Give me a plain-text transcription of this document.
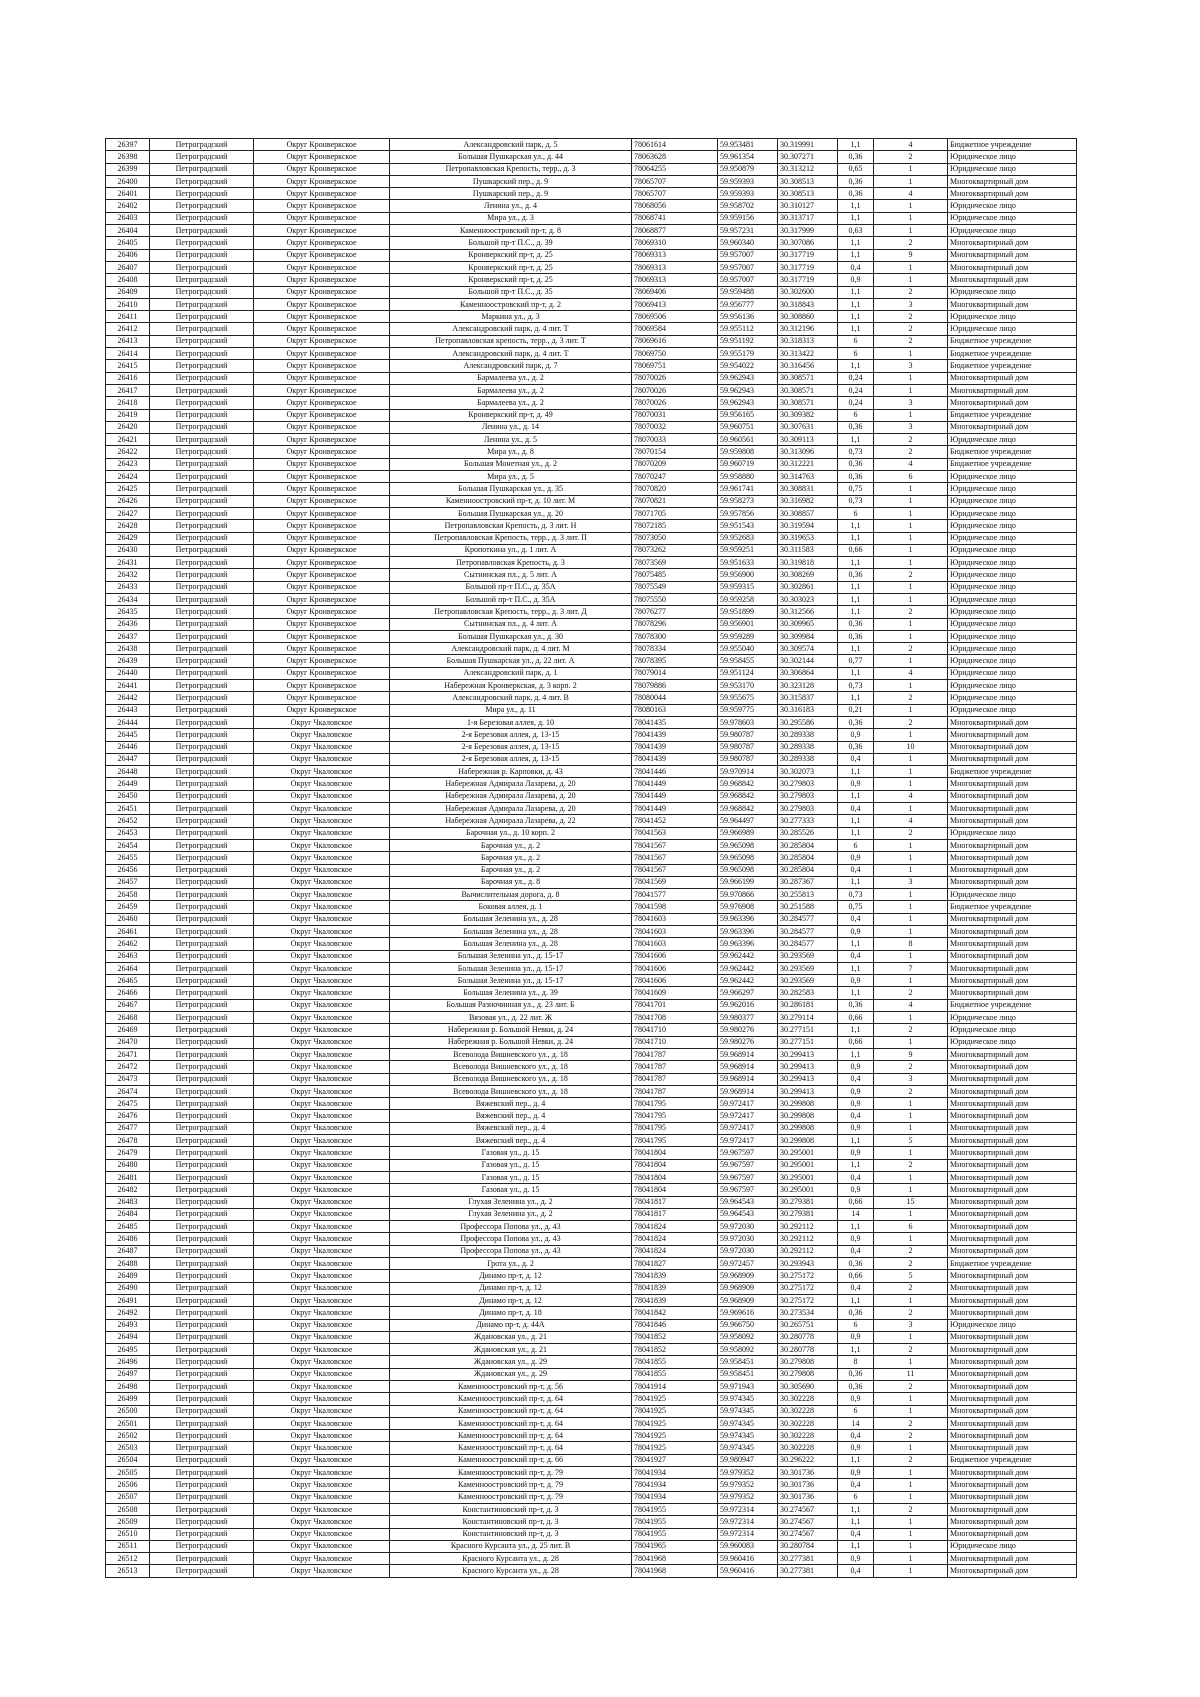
26397	Петроградский	Округ Кронверкское	Александровский парк, д. 5	78061614	59.953481	30.319991	1,1	4	Бюджетное учреждение
26398	Петроградский	Округ Кронверкское	Большая Пушкарская ул., д. 44	78063628	59.961354	30.307271	0,36	2	Юридическое лицо
26399	Петроградский	Округ Кронверкское	Петропавловская Крепость, терр., д. 3	78064255	59.950879	30.313212	0,65	1	Юридическое лицо
26400	Петроградский	Округ Кронверкское	Пушкарский пер., д. 9	78065707	59.959393	30.308513	0,36	1	Многоквартирный дом
26401	Петроградский	Округ Кронверкское	Пушкарский пер., д. 9	78065707	59.959393	30.308513	0,36	4	Многоквартирный дом
26402	Петроградский	Округ Кронверкское	Ленина ул., д. 4	78068056	59.958702	30.310127	1,1	1	Юридическое лицо
26403	Петроградский	Округ Кронверкское	Мира ул., д. 3	78068741	59.959156	30.313717	1,1	1	Юридическое лицо
26404	Петроградский	Округ Кронверкское	Каменноостровский пр-т, д. 8	78068877	59.957231	30.317999	0,63	1	Юридическое лицо
26405	Петроградский	Округ Кронверкское	Большой пр-т П.С., д. 39	78069310	59.960340	30.307086	1,1	2	Многоквартирный дом
26406	Петроградский	Округ Кронверкское	Кронверкский пр-т, д. 25	78069313	59.957007	30.317719	1,1	9	Многоквартирный дом
26407	Петроградский	Округ Кронверкское	Кронверкский пр-т, д. 25	78069313	59.957007	30.317719	0,4	1	Многоквартирный дом
26408	Петроградский	Округ Кронверкское	Кронверкский пр-т, д. 25	78069313	59.957007	30.317719	0,9	1	Многоквартирный дом
26409	Петроградский	Округ Кронверкское	Большой пр-т П.С., д. 35	78069406	59.959488	30.302600	1,1	2	Юридическое лицо
26410	Петроградский	Округ Кронверкское	Каменноостровский пр-т, д. 2	78069413	59.956777	30.318843	1,1	3	Многоквартирный дом
26411	Петроградский	Округ Кронверкское	Маркина ул., д. 3	78069506	59.956136	30.308860	1,1	2	Юридическое лицо
26412	Петроградский	Округ Кронверкское	Александровский парк, д. 4 лит. Т	78069584	59.955112	30.312196	1,1	2	Юридическое лицо
26413	Петроградский	Округ Кронверкское	Петропавловская крепость, терр., д. 3 лит. Т	78069616	59.951192	30.318313	6	2	Бюджетное учреждение
26414	Петроградский	Округ Кронверкское	Александровский парк, д. 4 лит. Т	78069750	59.955179	30.313422	6	1	Бюджетное учреждение
26415	Петроградский	Округ Кронверкское	Александровский парк, д. 7	78069751	59.954022	30.316456	1,1	3	Бюджетное учреждение
26416	Петроградский	Округ Кронверкское	Бармалеева ул., д. 2	78070026	59.962943	30.308571	0,24	1	Многоквартирный дом
26417	Петроградский	Округ Кронверкское	Бармалеева ул., д. 2	78070026	59.962943	30.308571	0,24	1	Многоквартирный дом
26418	Петроградский	Округ Кронверкское	Бармалеева ул., д. 2	78070026	59.962943	30.308571	0,24	3	Многоквартирный дом
26419	Петроградский	Округ Кронверкское	Кронверкский пр-т, д. 49	78070031	59.956165	30.309382	6	1	Бюджетное учреждение
26420	Петроградский	Округ Кронверкское	Ленина ул., д. 14	78070032	59.960751	30.307631	0,36	3	Многоквартирный дом
26421	Петроградский	Округ Кронверкское	Ленина ул., д. 5	78070033	59.960561	30.309113	1,1	2	Юридическое лицо
26422	Петроградский	Округ Кронверкское	Мира ул., д. 8	78070154	59.959808	30.313096	0,73	2	Бюджетное учреждение
26423	Петроградский	Округ Кронверкское	Большая Монетная ул., д. 2	78070209	59.960719	30.312221	0,36	4	Бюджетное учреждение
26424	Петроградский	Округ Кронверкское	Мира ул., д. 5	78070247	59.958880	30.314763	0,36	6	Юридическое лицо
26425	Петроградский	Округ Кронверкское	Большая Пушкарская ул., д. 35	78070820	59.961741	30.308831	0,75	1	Юридическое лицо
26426	Петроградский	Округ Кронверкское	Каменноостровский пр-т, д. 10 лит. М	78070821	59.958273	30.316982	0,73	1	Юридическое лицо
26427	Петроградский	Округ Кронверкское	Большая Пушкарская ул., д. 20	78071705	59.957856	30.308857	6	1	Юридическое лицо
26428	Петроградский	Округ Кронверкское	Петропавловская Крепость, д. 3 лит. Н	78072185	59.951543	30.319594	1,1	1	Юридическое лицо
26429	Петроградский	Округ Кронверкское	Петропавловская Крепость, терр., д. 3 лит. П	78073050	59.952683	30.319653	1,1	1	Юридическое лицо
26430	Петроградский	Округ Кронверкское	Кропоткина ул., д. 1 лит. А	78073262	59.959251	30.311583	0,66	1	Юридическое лицо
26431	Петроградский	Округ Кронверкское	Петропавловская Крепость, д. 3	78073569	59.951633	30.319818	1,1	1	Юридическое лицо
26432	Петроградский	Округ Кронверкское	Сытнинская пл., д. 5 лит. А	78075485	59.956900	30.308269	0,36	2	Юридическое лицо
26433	Петроградский	Округ Кронверкское	Большой пр-т П.С., д. 35А	78075549	59.959315	30.302861	1,1	1	Юридическое лицо
26434	Петроградский	Округ Кронверкское	Большой пр-т П.С., д. 35А	78075550	59.959258	30.303023	1,1	1	Юридическое лицо
26435	Петроградский	Округ Кронверкское	Петропавловская Крепость, терр., д. 3 лит. Д	78076277	59.951899	30.312566	1,1	2	Юридическое лицо
26436	Петроградский	Округ Кронверкское	Сытнинская пл., д. 4 лит. А	78078296	59.956901	30.309965	0,36	1	Юридическое лицо
26437	Петроградский	Округ Кронверкское	Большая Пушкарская ул., д. 30	78078300	59.959289	30.309984	0,36	1	Юридическое лицо
26438	Петроградский	Округ Кронверкское	Александровский парк, д. 4 лит. М	78078334	59.955040	30.309574	1,1	2	Юридическое лицо
26439	Петроградский	Округ Кронверкское	Большая Пушкарская ул., д. 22 лит. А	78078395	59.958455	30.302144	0,77	1	Юридическое лицо
26440	Петроградский	Округ Кронверкское	Александровский парк, д. 1	78079014	59.951124	30.306864	1,1	4	Юридическое лицо
26441	Петроградский	Округ Кронверкское	Набережная Кронверкская, д. 3 корп. 2	78079886	59.953170	30.323128	0,73	1	Юридическое лицо
26442	Петроградский	Округ Кронверкское	Александровский парк, д. 4 лит. В	78080044	59.955675	30.315837	1,1	2	Юридическое лицо
26443	Петроградский	Округ Кронверкское	Мира ул., д. 11	78080163	59.959775	30.316183	0,21	1	Юридическое лицо
26444	Петроградский	Округ Чкаловское	1-я Березовая аллея, д. 10	78041435	59.978603	30.295586	0,36	2	Многоквартирный дом
26445	Петроградский	Округ Чкаловское	2-я Березовая аллея, д. 13-15	78041439	59.980787	30.289338	0,9	1	Многоквартирный дом
26446	Петроградский	Округ Чкаловское	2-я Березовая аллея, д. 13-15	78041439	59.980787	30.289338	0,36	10	Многоквартирный дом
26447	Петроградский	Округ Чкаловское	2-я Березовая аллея, д. 13-15	78041439	59.980787	30.289338	0,4	1	Многоквартирный дом
26448	Петроградский	Округ Чкаловское	Набережная р. Карповки, д. 43	78041446	59.970914	30.302073	1,1	1	Бюджетное учреждение
26449	Петроградский	Округ Чкаловское	Набережная Адмирала Лазарева, д. 20	78041449	59.968842	30.279803	0,9	1	Многоквартирный дом
26450	Петроградский	Округ Чкаловское	Набережная Адмирала Лазарева, д. 20	78041449	59.968842	30.279803	1,1	4	Многоквартирный дом
26451	Петроградский	Округ Чкаловское	Набережная Адмирала Лазарева, д. 20	78041449	59.968842	30.279803	0,4	1	Многоквартирный дом
26452	Петроградский	Округ Чкаловское	Набережная Адмирала Лазарева, д. 22	78041452	59.964497	30.277333	1,1	4	Многоквартирный дом
26453	Петроградский	Округ Чкаловское	Барочная ул., д. 10 корп. 2	78041563	59.966989	30.285526	1,1	2	Юридическое лицо
26454	Петроградский	Округ Чкаловское	Барочная ул., д. 2	78041567	59.965098	30.285804	6	1	Многоквартирный дом
26455	Петроградский	Округ Чкаловское	Барочная ул., д. 2	78041567	59.965098	30.285804	0,9	1	Многоквартирный дом
26456	Петроградский	Округ Чкаловское	Барочная ул., д. 2	78041567	59.965098	30.285804	0,4	1	Многоквартирный дом
26457	Петроградский	Округ Чкаловское	Барочная ул., д. 8	78041569	59.966199	30.287367	1,1	3	Многоквартирный дом
26458	Петроградский	Округ Чкаловское	Вычислительная дорога, д. 8	78041577	59.970866	30.255813	0,73	1	Юридическое лицо
26459	Петроградский	Округ Чкаловское	Боковая аллея, д. 1	78041598	59.976908	30.251588	0,75	1	Бюджетное учреждение
26460	Петроградский	Округ Чкаловское	Большая Зеленина ул., д. 28	78041603	59.963396	30.284577	0,4	1	Многоквартирный дом
26461	Петроградский	Округ Чкаловское	Большая Зеленина ул., д. 28	78041603	59.963396	30.284577	0,9	1	Многоквартирный дом
26462	Петроградский	Округ Чкаловское	Большая Зеленина ул., д. 28	78041603	59.963396	30.284577	1,1	8	Многоквартирный дом
26463	Петроградский	Округ Чкаловское	Большая Зеленина ул., д. 15-17	78041606	59.962442	30.293569	0,4	1	Многоквартирный дом
26464	Петроградский	Округ Чкаловское	Большая Зеленина ул., д. 15-17	78041606	59.962442	30.293569	1,1	7	Многоквартирный дом
26465	Петроградский	Округ Чкаловское	Большая Зеленина ул., д. 15-17	78041606	59.962442	30.293569	0,9	1	Многоквартирный дом
26466	Петроградский	Округ Чкаловское	Большая Зеленина ул., д. 39	78041609	59.966297	30.282583	1,1	2	Многоквартирный дом
26467	Петроградский	Округ Чкаловское	Большая Разночинная ул., д. 23 лит. Б	78041701	59.962016	30.286181	0,36	4	Бюджетное учреждение
26468	Петроградский	Округ Чкаловское	Вязовая ул., д. 22 лит. Ж	78041708	59.980377	30.279114	0,66	1	Юридическое лицо
26469	Петроградский	Округ Чкаловское	Набережная р. Большой Невки, д. 24	78041710	59.980276	30.277151	1,1	2	Юридическое лицо
26470	Петроградский	Округ Чкаловское	Набережная р. Большой Невки, д. 24	78041710	59.980276	30.277151	0,66	1	Юридическое лицо
26471	Петроградский	Округ Чкаловское	Всеволода Вишневского ул., д. 18	78041787	59.968914	30.299413	1,1	9	Многоквартирный дом
26472	Петроградский	Округ Чкаловское	Всеволода Вишневского ул., д. 18	78041787	59.968914	30.299413	0,9	2	Многоквартирный дом
26473	Петроградский	Округ Чкаловское	Всеволода Вишневского ул., д. 18	78041787	59.968914	30.299413	0,4	3	Многоквартирный дом
26474	Петроградский	Округ Чкаловское	Всеволода Вишневского ул., д. 18	78041787	59.968914	30.299413	0,9	2	Многоквартирный дом
26475	Петроградский	Округ Чкаловское	Вяжевский пер., д. 4	78041795	59.972417	30.299808	0,9	1	Многоквартирный дом
26476	Петроградский	Округ Чкаловское	Вяжевский пер., д. 4	78041795	59.972417	30.299808	0,4	1	Многоквартирный дом
26477	Петроградский	Округ Чкаловское	Вяжевский пер., д. 4	78041795	59.972417	30.299808	0,9	1	Многоквартирный дом
26478	Петроградский	Округ Чкаловское	Вяжевский пер., д. 4	78041795	59.972417	30.299808	1,1	5	Многоквартирный дом
26479	Петроградский	Округ Чкаловское	Газовая ул., д. 15	78041804	59.967597	30.295001	0,9	1	Многоквартирный дом
26480	Петроградский	Округ Чкаловское	Газовая ул., д. 15	78041804	59.967597	30.295001	1,1	2	Многоквартирный дом
26481	Петроградский	Округ Чкаловское	Газовая ул., д. 15	78041804	59.967597	30.295001	0,4	1	Многоквартирный дом
26482	Петроградский	Округ Чкаловское	Газовая ул., д. 15	78041804	59.967597	30.295001	0,9	1	Многоквартирный дом
26483	Петроградский	Округ Чкаловское	Глухая Зеленина ул., д. 2	78041817	59.964543	30.279381	0,66	15	Многоквартирный дом
26484	Петроградский	Округ Чкаловское	Глухая Зеленина ул., д. 2	78041817	59.964543	30.279381	14	1	Многоквартирный дом
26485	Петроградский	Округ Чкаловское	Профессора Попова ул., д. 43	78041824	59.972030	30.292112	1,1	6	Многоквартирный дом
26486	Петроградский	Округ Чкаловское	Профессора Попова ул., д. 43	78041824	59.972030	30.292112	0,9	1	Многоквартирный дом
26487	Петроградский	Округ Чкаловское	Профессора Попова ул., д. 43	78041824	59.972030	30.292112	0,4	2	Многоквартирный дом
26488	Петроградский	Округ Чкаловское	Грота ул., д. 2	78041827	59.972457	30.293943	0,36	2	Бюджетное учреждение
26489	Петроградский	Округ Чкаловское	Динамо пр-т, д. 12	78041839	59.968909	30.275172	0,66	5	Многоквартирный дом
26490	Петроградский	Округ Чкаловское	Динамо пр-т, д. 12	78041839	59.968909	30.275172	0,4	2	Многоквартирный дом
26491	Петроградский	Округ Чкаловское	Динамо пр-т, д. 12	78041839	59.968909	30.275172	1,1	1	Многоквартирный дом
26492	Петроградский	Округ Чкаловское	Динамо пр-т, д. 18	78041842	59.969616	30.273534	0,36	2	Многоквартирный дом
26493	Петроградский	Округ Чкаловское	Динамо пр-т, д. 44А	78041846	59.966750	30.265751	6	3	Юридическое лицо
26494	Петроградский	Округ Чкаловское	Ждановская ул., д. 21	78041852	59.958092	30.280778	0,9	1	Многоквартирный дом
26495	Петроградский	Округ Чкаловское	Ждановская ул., д. 21	78041852	59.958092	30.280778	1,1	2	Многоквартирный дом
26496	Петроградский	Округ Чкаловское	Ждановская ул., д. 29	78041855	59.958451	30.279808	8	1	Многоквартирный дом
26497	Петроградский	Округ Чкаловское	Ждановская ул., д. 29	78041855	59.958451	30.279808	0,36	11	Многоквартирный дом
26498	Петроградский	Округ Чкаловское	Каменноостровский пр-т, д. 56	78041914	59.971943	30.305690	0,36	2	Многоквартирный дом
26499	Петроградский	Округ Чкаловское	Каменноостровский пр-т, д. 64	78041925	59.974345	30.302228	0,9	1	Многоквартирный дом
26500	Петроградский	Округ Чкаловское	Каменноостровский пр-т, д. 64	78041925	59.974345	30.302228	6	1	Многоквартирный дом
26501	Петроградский	Округ Чкаловское	Каменноостровский пр-т, д. 64	78041925	59.974345	30.302228	14	2	Многоквартирный дом
26502	Петроградский	Округ Чкаловское	Каменноостровский пр-т, д. 64	78041925	59.974345	30.302228	0,4	2	Многоквартирный дом
26503	Петроградский	Округ Чкаловское	Каменноостровский пр-т, д. 64	78041925	59.974345	30.302228	0,9	1	Многоквартирный дом
26504	Петроградский	Округ Чкаловское	Каменноостровский пр-т, д. 66	78041927	59.980947	30.296222	1,1	2	Бюджетное учреждение
26505	Петроградский	Округ Чкаловское	Каменноостровский пр-т, д. 79	78041934	59.979352	30.301736	0,9	1	Многоквартирный дом
26506	Петроградский	Округ Чкаловское	Каменноостровский пр-т, д. 79	78041934	59.979352	30.301736	0,4	1	Многоквартирный дом
26507	Петроградский	Округ Чкаловское	Каменноостровский пр-т, д. 79	78041934	59.979352	30.301736	6	1	Многоквартирный дом
26508	Петроградский	Округ Чкаловское	Константиновский пр-т, д. 3	78041955	59.972314	30.274567	1,1	2	Многоквартирный дом
26509	Петроградский	Округ Чкаловское	Константиновский пр-т, д. 3	78041955	59.972314	30.274567	1,1	1	Многоквартирный дом
26510	Петроградский	Округ Чкаловское	Константиновский пр-т, д. 3	78041955	59.972314	30.274567	0,4	1	Многоквартирный дом
26511	Петроградский	Округ Чкаловское	Красного Курсанта ул., д. 25 лит. В	78041965	59.960083	30.280784	1,1	1	Юридическое лицо
26512	Петроградский	Округ Чкаловское	Красного Курсанта ул., д. 28	78041968	59.960416	30.277381	0,9	1	Многоквартирный дом
26513	Петроградский	Округ Чкаловское	Красного Курсанта ул., д. 28	78041968	59.960416	30.277381	0,4	1	Многоквартирный дом
